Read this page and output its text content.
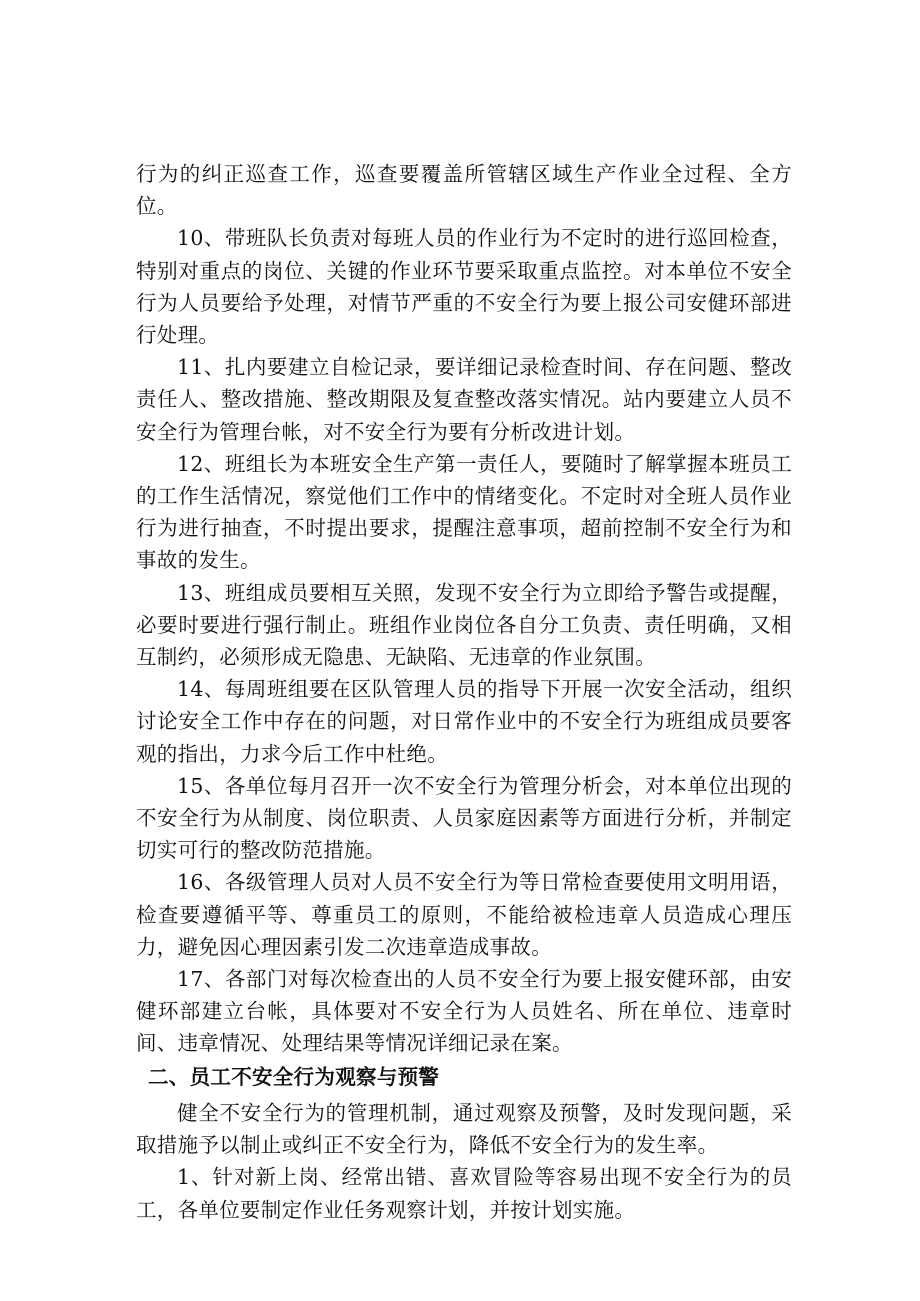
行为的纠正巡查工作，巡查要覆盖所管辖区域生产作业全过程、全方位。

10、带班队长负责对每班人员的作业行为不定时的进行巡回检查，特别对重点的岗位、关键的作业环节要采取重点监控。对本单位不安全行为人员要给予处理，对情节严重的不安全行为要上报公司安健环部进行处理。

11、扎内要建立自检记录，要详细记录检查时间、存在问题、整改责任人、整改措施、整改期限及复查整改落实情况。站内要建立人员不安全行为管理台帐，对不安全行为要有分析改进计划。

12、班组长为本班安全生产第一责任人，要随时了解掌握本班员工的工作生活情况，察觉他们工作中的情绪变化。不定时对全班人员作业行为进行抽查，不时提出要求，提醒注意事项，超前控制不安全行为和事故的发生。

13、班组成员要相互关照，发现不安全行为立即给予警告或提醒，必要时要进行强行制止。班组作业岗位各自分工负责、责任明确，又相互制约，必须形成无隐患、无缺陷、无违章的作业氛围。

14、每周班组要在区队管理人员的指导下开展一次安全活动，组织讨论安全工作中存在的问题，对日常作业中的不安全行为班组成员要客观的指出，力求今后工作中杜绝。

15、各单位每月召开一次不安全行为管理分析会，对本单位出现的不安全行为从制度、岗位职责、人员家庭因素等方面进行分析，并制定切实可行的整改防范措施。

16、各级管理人员对人员不安全行为等日常检查要使用文明用语，检查要遵循平等、尊重员工的原则，不能给被检违章人员造成心理压力，避免因心理因素引发二次违章造成事故。

17、各部门对每次检查出的人员不安全行为要上报安健环部，由安健环部建立台帐，具体要对不安全行为人员姓名、所在单位、违章时间、违章情况、处理结果等情况详细记录在案。

二、员工不安全行为观察与预警

健全不安全行为的管理机制，通过观察及预警，及时发现问题，采取措施予以制止或纠正不安全行为，降低不安全行为的发生率。

1、针对新上岗、经常出错、喜欢冒险等容易出现不安全行为的员工，各单位要制定作业任务观察计划，并按计划实施。
